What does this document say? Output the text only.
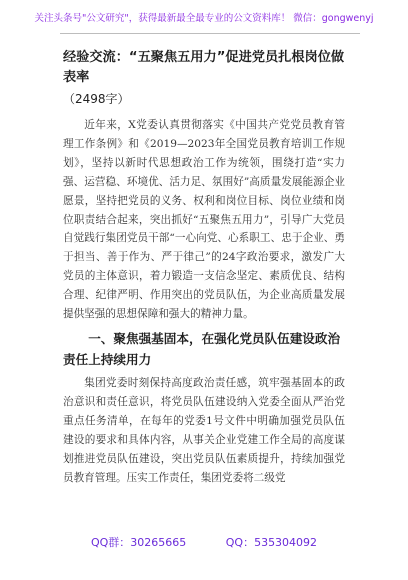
关注头条号"公文研究"，获得最新最全最专业的公文资料库！ 微信：gongwenyj
经验交流：“五聚焦五用力”促进党员扎根岗位做表率

（2498字）

近年来，X党委认真贯彻落实《中国共产党党员教育管理工作条例》和《2019—2023年全国党员教育培训工作规划》，坚持以新时代思想政治工作为统领，围绕打造“实力强、运营稳、环境优、活力足、氛围好”高质量发展能源企业愿景，坚持把党员的义务、权利和岗位目标、岗位业绩和岗位职责结合起来，突出抓好“五聚焦五用力”，引导广大党员自觉践行集团党员干部“一心向党、心系职工、忠于企业、勇于担当、善于作为、严于律己”的24字政治要求，激发广大党员的主体意识，着力锻造一支信念坚定、素质优良、结构合理、纪律严明、作用突出的党员队伍，为企业高质量发展提供坚强的思想保障和强大的精神力量。

一、聚焦强基固本，在强化党员队伍建设政治责任上持续用力

集团党委时刻保持高度政治责任感，筑牢强基固本的政治意识和责任意识，将党员队伍建设纳入党委全面从严治党重点任务清单，在每年的党委1号文件中明确加强党员队伍建设的要求和具体内容，从事关企业党建工作全局的高度谋划推进党员队伍建设，突出党员队伍素质提升，持续加强党员教育管理。压实工作责任，集团党委将二级党

QQ群：30265665	QQ：535304092
